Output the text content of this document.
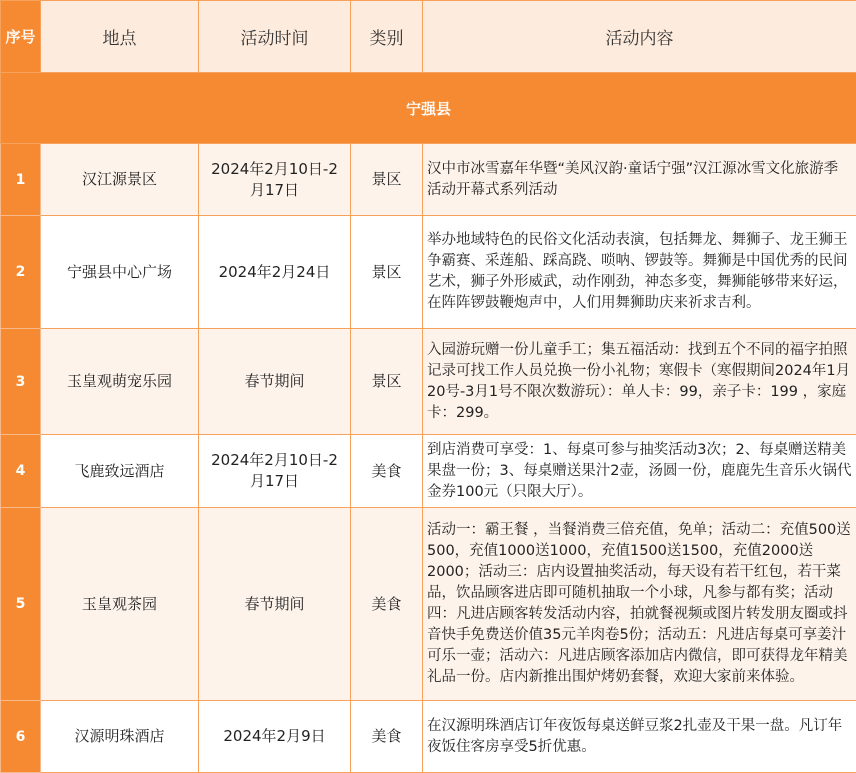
序号	地点	活动时间	类别	活动内容
宁强县				
1	汉江源景区	2024年2月10日-2月17日	景区	汉中市冰雪嘉年华暨“美风汉韵·童话宁强”汉江源冰雪文化旅游季活动开幕式系列活动
2	宁强县中心广场	2024年2月24日	景区	举办地域特色的民俗文化活动表演，包括舞龙、舞狮子、龙王狮王争霸赛、采莲船、踩高跷、唢呐、锣鼓等。舞狮是中国优秀的民间艺术，狮子外形威武，动作刚劲，神态多变，舞狮能够带来好运，在阵阵锣鼓鞭炮声中，人们用舞狮助庆来祈求吉利。
3	玉皇观萌宠乐园	春节期间	景区	入园游玩赠一份儿童手工；集五福活动：找到五个不同的福字拍照记录可找工作人员兑换一份小礼物；寒假卡（寒假期间2024年1月20号-3月1号不限次数游玩）：单人卡：99，亲子卡：199 ，家庭卡：299。
4	飞鹿致远酒店	2024年2月10日-2月17日	美食	到店消费可享受：1、每桌可参与抽奖活动3次；2、每桌赠送精美果盘一份；3、每桌赠送果汁2壶，汤圆一份，鹿鹿先生音乐火锅代金券100元（只限大厅）。
5	玉皇观茶园	春节期间	美食	活动一：霸王餐 ，当餐消费三倍充值，免单；活动二：充值500送500，充值1000送1000，充值1500送1500，充值2000送2000；活动三：店内设置抽奖活动，每天设有若干红包，若干菜品，饮品顾客进店即可随机抽取一个小球，凡参与都有奖；活动四：凡进店顾客转发活动内容，拍就餐视频或图片转发朋友圈或抖音快手免费送价值35元羊肉卷5份；活动五：凡进店每桌可享姜汁可乐一壶；活动六：凡进店顾客添加店内微信，即可获得龙年精美礼品一份。店内新推出围炉烤奶套餐，欢迎大家前来体验。
6	汉源明珠酒店	2024年2月9日	美食	在汉源明珠酒店订年夜饭每桌送鲜豆浆2扎壶及干果一盘。凡订年夜饭住客房享受5折优惠。
